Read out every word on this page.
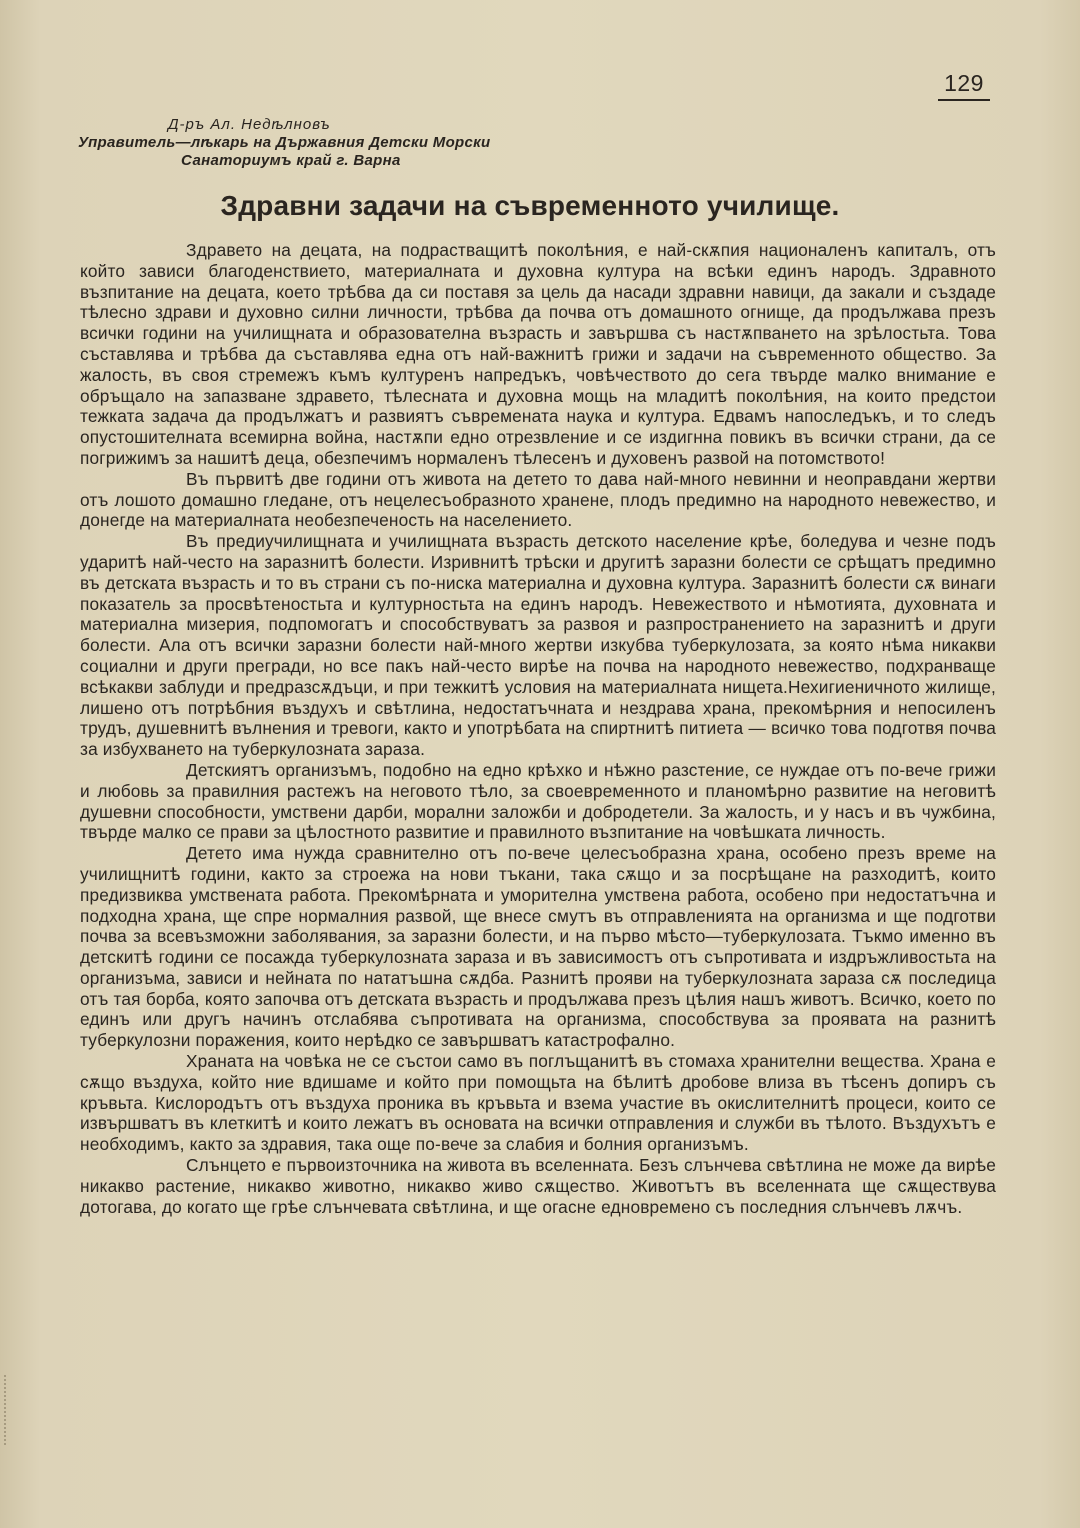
129
Д-ръ Ал. Недѣлновъ
Управитель—лѣкарь на Държавния Детски Морски
Санаториумъ край г. Варна
Здравни задачи на съвременното училище.

Здравето на децата, на подрастващитѣ поколѣния, е най-скѫпия националенъ капиталъ, отъ който зависи благоденствието, материалната и духовна култура на всѣки единъ народъ. Здравното възпитание на децата, което трѣбва да си поставя за цель да насади здравни навици, да закали и създаде тѣлесно здрави и духовно силни личности, трѣбва да почва отъ домашното огнище, да продължава презъ всички години на училищната и образователна възрасть и завършва съ настѫпването на зрѣлостьта. Това съставлява и трѣбва да съставлява една отъ най-важнитѣ грижи и задачи на съвременното общество. За жалость, въ своя стремежъ къмъ културенъ напредъкъ, човѣчеството до сега твърде малко внимание е обръщало на запазване здравето, тѣлесната и духовна мощь на младитѣ поколѣния, на които предстои тежката задача да продължатъ и развиятъ съвременатa наука и култура. Едвамъ напоследъкъ, и то следъ опустошителната всемирна война, настѫпи едно отрезвление и се издигнна повикъ въ всички страни, да се погрижимъ за нашитѣ деца, обезпечимъ нормаленъ тѣлесенъ и духовенъ развой на потомството!

Въ първитѣ две години отъ живота на детето то дава най-много невинни и неоправдани жертви отъ лошото домашно гледане, отъ нецелесъобразното хранене, плодъ предимно на народното невежество, и донегде на материалната необезпеченость на населението.

Въ предиучилищната и училищната възрасть детското население крѣе, боледува и чезне подъ ударитѣ най-често на заразнитѣ болести. Изривнитѣ трѣски и другитѣ заразни болести се срѣщатъ предимно въ детската възрасть и то въ страни съ по-ниска материална и духовна култура. Заразнитѣ болести сѫ винаги показатель за просвѣтеностьта и културностьта на единъ народъ. Невежеството и нѣмотията, духовната и материална мизерия, подпомогатъ и способствуватъ за развоя и разпространението на заразнитѣ и други болести. Ала отъ всички заразни болести най-много жертви изкубва туберкулозата, за която нѣма никакви социални и други прегради, но все пакъ най-често вирѣе на почва на народното невежество, подхранваще всѣкакви заблуди и предразсѫдъци, и при тежкитѣ условия на материалната нищета.Нехигиеничното жилище, лишено отъ потрѣбния въздухъ и свѣтлина, недостатъчната и нездрава храна, прекомѣрния и непосиленъ трудъ, душевнитѣ вълнения и тревоги, както и употрѣбата на спиртнитѣ питиета — всичко това подготвя почва за избухването на туберкулозната зараза.

Детскиятъ организъмъ, подобно на едно крѣхко и нѣжно разстение, се нуждае отъ по-вече грижи и любовь за правилния растежъ на неговото тѣло, за своевременното и планомѣрно развитие на неговитѣ душевни способности, умствени дарби, морални заложби и добродетели. За жалость, и у насъ и въ чужбина, твърде малко се прави за цѣлостното развитие и правилното възпитание на човѣшката личность.

Детето има нужда сравнително отъ по-вече целесъобразна храна, особено презъ време на училищнитѣ години, както за строежа на нови тъкани, така сѫщо и за посрѣщане на разходитѣ, които предизвиква умствената работа. Прекомѣрната и уморителна умствена работа, особено при недостатъчна и подходна храна, ще спре нормалния развой, ще внесе смутъ въ отправленията на организма и ще подготви почва за всевъзможни заболявания, за заразни болести, и на първо мѣсто—туберкулозата. Тъкмо именно въ детскитѣ години се посажда туберкулозната зараза и въ зависимостъ отъ съпротивата и издръжливостьта на организъма, зависи и нейната по нататъшна сѫдба. Разнитѣ прояви на туберкулозната зараза сѫ последица отъ тая борба, която започва отъ детската възрасть и продължава презъ цѣлия нашъ животъ. Всичко, което по единъ или другъ начинъ отслабява съпротивата на организма, способствува за проявата на разнитѣ туберкулозни поражения, които нерѣдко се завършватъ катастрофално.

Храната на човѣка не се състои само въ поглъщанитѣ въ стомаха хранителни вещества. Храна е сѫщо въздуха, който ние вдишаме и който при помощьта на бѣлитѣ дробове влиза въ тѣсенъ допиръ съ кръвьта. Кислородътъ отъ въздуха проника въ кръвьта и взема участие въ окислителнитѣ процеси, които се извършватъ въ клеткитѣ и които лежатъ въ основата на всички отправления и служби въ тѣлото. Въздухътъ е необходимъ, както за здравия, така още по-вече за слабия и болния организъмъ.

Слънцето е първоизточника на живота въ вселенната. Безъ слънчева свѣтлина не може да вирѣе никакво растение, никакво животно, никакво живо сѫщество. Животътъ въ вселенната ще сѫществува дотогава, до когато ще грѣе слънчевата свѣтлина, и ще огасне едновремено съ последния слънчевъ лѫчъ.
